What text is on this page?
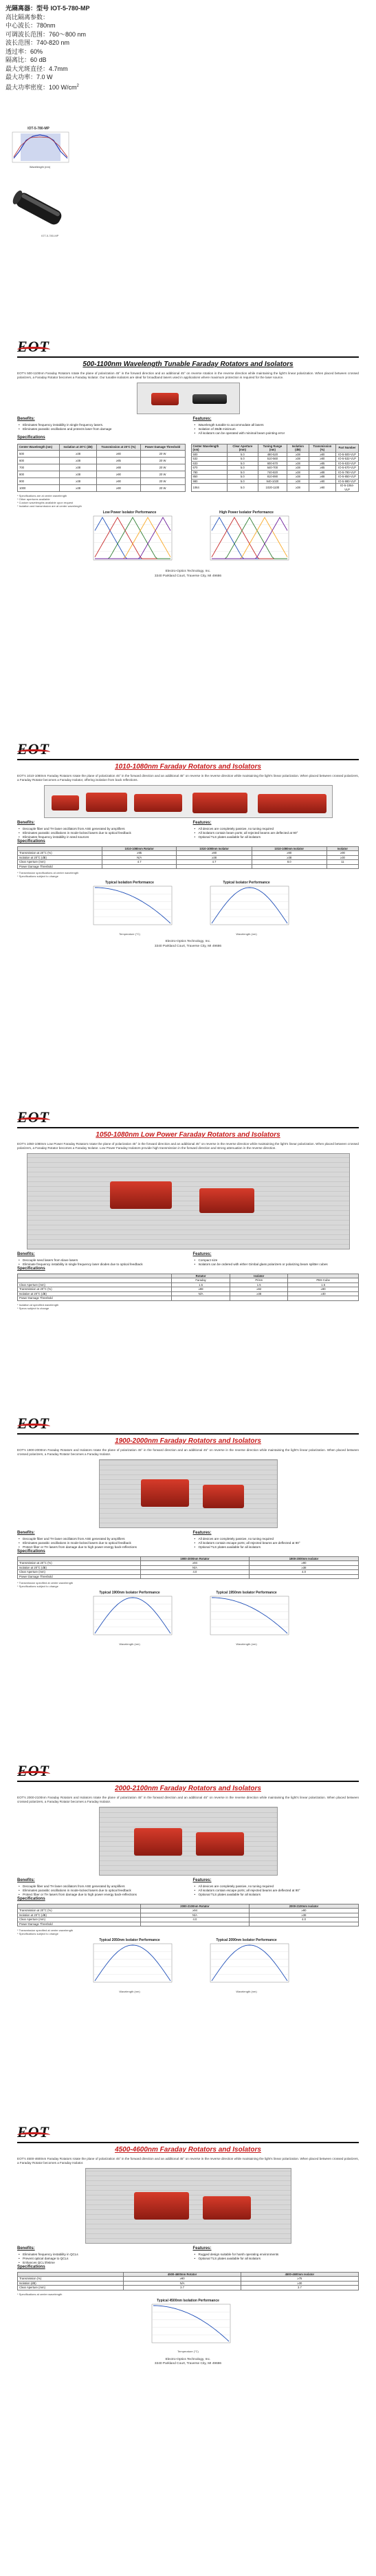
光隔离器：型号 IOT-5-780-MP
高比隔离参数：
中心波长：780nm
可调波长范围：760～800 nm
波长范围：740-820 nm
透过率：60%
隔离比：60 dB
最大光斑直径：4.7mm
最大功率：7.0 W
最大功率密度：100 $W/cm^2$
IOT-5-780-MP
Wavelength (nm)
IOT-5-780-MP
EOT
500-1100nm Wavelength Tunable Faraday Rotators and Isolators
EOT's 500-1100nm Faraday Rotators rotate the plane of polarization 45° in the forward direction and an additional 45° on reverse rotation in the reverse direction while maintaining the light's linear polarization. When placed between crossed polarizers, a Faraday Rotator becomes a Faraday Isolator. Our tunable isolators are ideal for broadband lasers used in applications where maximum protection is required for the laser source.
Benefits:
• Eliminates frequency instability in single frequency lasers.
• Eliminates parasitic oscillations and protects laser from damage
Features:
• Wavelength tunable to accommodate all lasers
• Isolation of 38dB minimum
• All isolators can be operated with minimal beam pointing error
Specifications
Center Wavelength (nm)	Isolation at 20°C (dB)	Transmission at 20°C (%)	Power Damage Threshold
500	≥38	≥80	20 W
600	≥38	≥85	20 W
700	≥38	≥88	20 W
800	≥38	≥90	20 W
900	≥38	≥90	20 W
1000	≥38	≥90	20 W
Center Wavelength (nm)	Clear Aperture (mm)	Tuning Range (nm)	Isolation (dB)	Transmission (%)	Part Number
500	5.0	480-520	≥38	≥80	IO-5-500-VLP
532	5.0	510-560	≥38	≥80	IO-5-532-VLP
633	5.0	600-670	≥38	≥85	IO-5-633-VLP
670	5.0	640-700	≥38	≥85	IO-5-670-VLP
780	5.0	740-820	≥38	≥88	IO-5-780-VLP
850	5.0	810-890	≥38	≥88	IO-5-850-VLP
980	5.0	940-1020	≥38	≥90	IO-5-980-VLP
1064	5.0	1020-1100	≥38	≥90	IO-5-1064-VLP
* Specifications are at center wavelength
* Other apertures available
* Custom wavelengths available upon request
* Isolation and transmission are at center wavelength
Low Power Isolator Performance	High Power Isolator Performance
Electro-Optics Technology, Inc.
3340 Parkland Court, Traverse City, MI 49686
EOT
1010-1080nm Faraday Rotators and Isolators
EOT's 1010-1080nm Faraday Rotators rotate the plane of polarization 45° in the forward direction and an additional 45° on reverse in the reverse direction while maintaining the light's linear polarization. When placed between crossed polarizers, a Faraday Rotator becomes a Faraday Isolator, offering isolation from back reflections.
Benefits:
• Decouple fiber and TH laser oscillators from ASE generated by amplifiers
• Eliminates parasitic oscillations in mode-locked lasers due to optical feedback
• Eliminates frequency instability in seed sources
Features:
• All devices are completely passive, no tuning required
• All isolators contain beam ports; all rejected beams are deflected at 90°
• Optional TLS plates available for all isolators
Specifications
	1010-1080nm Rotator	1010-1080nm Isolator	1010-1080nm Isolator	Isolator
Transmission at 20°C (%)	≥95	≥90	≥90	≥90
Isolation at 20°C (dB)	N/A	≥38	≥38	≥30
Clear Aperture (mm)	4.7	4.7	8.0	11
Power Damage Threshold				
* Transmission specifications at center wavelength
* Specifications subject to change
Typical Isolation Performance
Temperature (°C)
Typical Isolator Performance
Wavelength (nm)
Electro-Optics Technology, Inc.
3340 Parkland Court, Traverse City, MI 49686
EOT
1050-1080nm Low Power Faraday Rotators and Isolators
EOT's 1050-1080nm Low Power Faraday Rotators rotate the plane of polarization 45° in the forward direction and an additional 45° on reverse in the reverse direction while maintaining the light's linear polarization. When placed between crossed polarizers, a Faraday Rotator becomes a Faraday Isolator. Low Power Faraday Isolators provide high transmission in the forward direction and strong attenuation in the reverse direction.
Benefits:
• Decouple seed lasers from slave lasers
• Eliminate frequency instability in single frequency laser diodes due to optical feedback
Features:
• Compact size
• Isolators can be ordered with either Gimbal glass polarizers or polarizing beam splitter cubes
Specifications
	Rotator	Isolator	
	Faraday	Prism	PBS Cube
Clear Aperture (mm)	1.5	1.5	1.5
Transmission at 20°C (%)	≥98	≥92	≥90
Isolation at 20°C (dB)	N/A	≥38	≥30
Power Damage Threshold			
* Isolation at specified wavelength
* Specs subject to change
EOT
1900-2000nm Faraday Rotators and Isolators
EOT's 1900-2000nm Faraday Rotators and Isolators rotate the plane of polarization 45° in the forward direction and an additional 45° on reverse in the reverse direction while maintaining the light's linear polarization. When placed between crossed polarizers, a Faraday Rotator becomes a Faraday Isolator.
Benefits:
• Decouple fiber and TH laser oscillators from ASE generated by amplifiers
• Eliminates parasitic oscillations in mode-locked lasers due to optical feedback
• Protect fiber or TH lasers from damage due to high power energy back-reflections
Features:
• All devices are completely passive, no tuning required
• All isolators contain escape ports; all rejected beams are deflected at 90°
• Optional TLS plates available for all isolators
Specifications
	1900-2000nm Rotator	1900-2000nm Isolator
Transmission at 20°C (%)	≥94	≥90
Isolation at 20°C (dB)	N/A	≥38
Clear Aperture (mm)	4.0	4.0
Power Damage Threshold		
* Transmission specified at center wavelength
* Specifications subject to change
Typical 1900nm Isolator Performance
Wavelength (nm)
Typical 1950nm Isolator Performance
Wavelength (nm)
EOT
2000-2100nm Faraday Rotators and Isolators
EOT's 2000-2100nm Faraday Rotators and Isolators rotate the plane of polarization 45° in the forward direction and an additional 45° on reverse in the reverse direction while maintaining the light's linear polarization. When placed between crossed polarizers, a Faraday Rotator becomes a Faraday Isolator.
Benefits:
• Decouple fiber and TH laser oscillators from ASE generated by amplifiers
• Eliminates parasitic oscillations in mode-locked lasers due to optical feedback
• Protect fiber or TH lasers from damage due to high power energy back-reflections
Features:
• All devices are completely passive, no tuning required
• All isolators contain escape ports; all rejected beams are deflected at 90°
• Optional TLS plates available for all isolators
Specifications
	2000-2100nm Rotator	2000-2100nm Isolator
Transmission at 20°C (%)	≥94	≥90
Isolation at 20°C (dB)	N/A	≥38
Clear Aperture (mm)	4.0	4.0
Power Damage Threshold		
* Transmission specified at center wavelength
* Specifications subject to change
Typical 2050nm Isolator Performance
Wavelength (nm)
Typical 2090nm Isolator Performance
Wavelength (nm)
EOT
4500-4600nm Faraday Rotators and Isolators
EOT's 4500-4600nm Faraday Rotators rotate the plane of polarization 45° in the forward direction and an additional 45° on reverse in the reverse direction while maintaining the light's linear polarization. When placed between crossed polarizers, a Faraday Rotator becomes a Faraday Isolator.
Benefits:
• Eliminates frequency instability in QCLs
• Prevent optical damage to QCLs
• Enhances QCL lifetime
Features:
• Rugged design suitable for harsh operating environments
• Optional TLS plates available for all isolators
Specifications
	4500-4600nm Rotator	4500-4600nm Isolator
Transmission (%)	≥90	≥75
Isolation (dB)	N/A	≥30
Clear Aperture (mm)	3.7	3.7
* Specifications at center wavelength
Typical 4500nm Isolation Performance
Temperature (°C)
Electro-Optics Technology, Inc.
3340 Parkland Court, Traverse City, MI 49686
